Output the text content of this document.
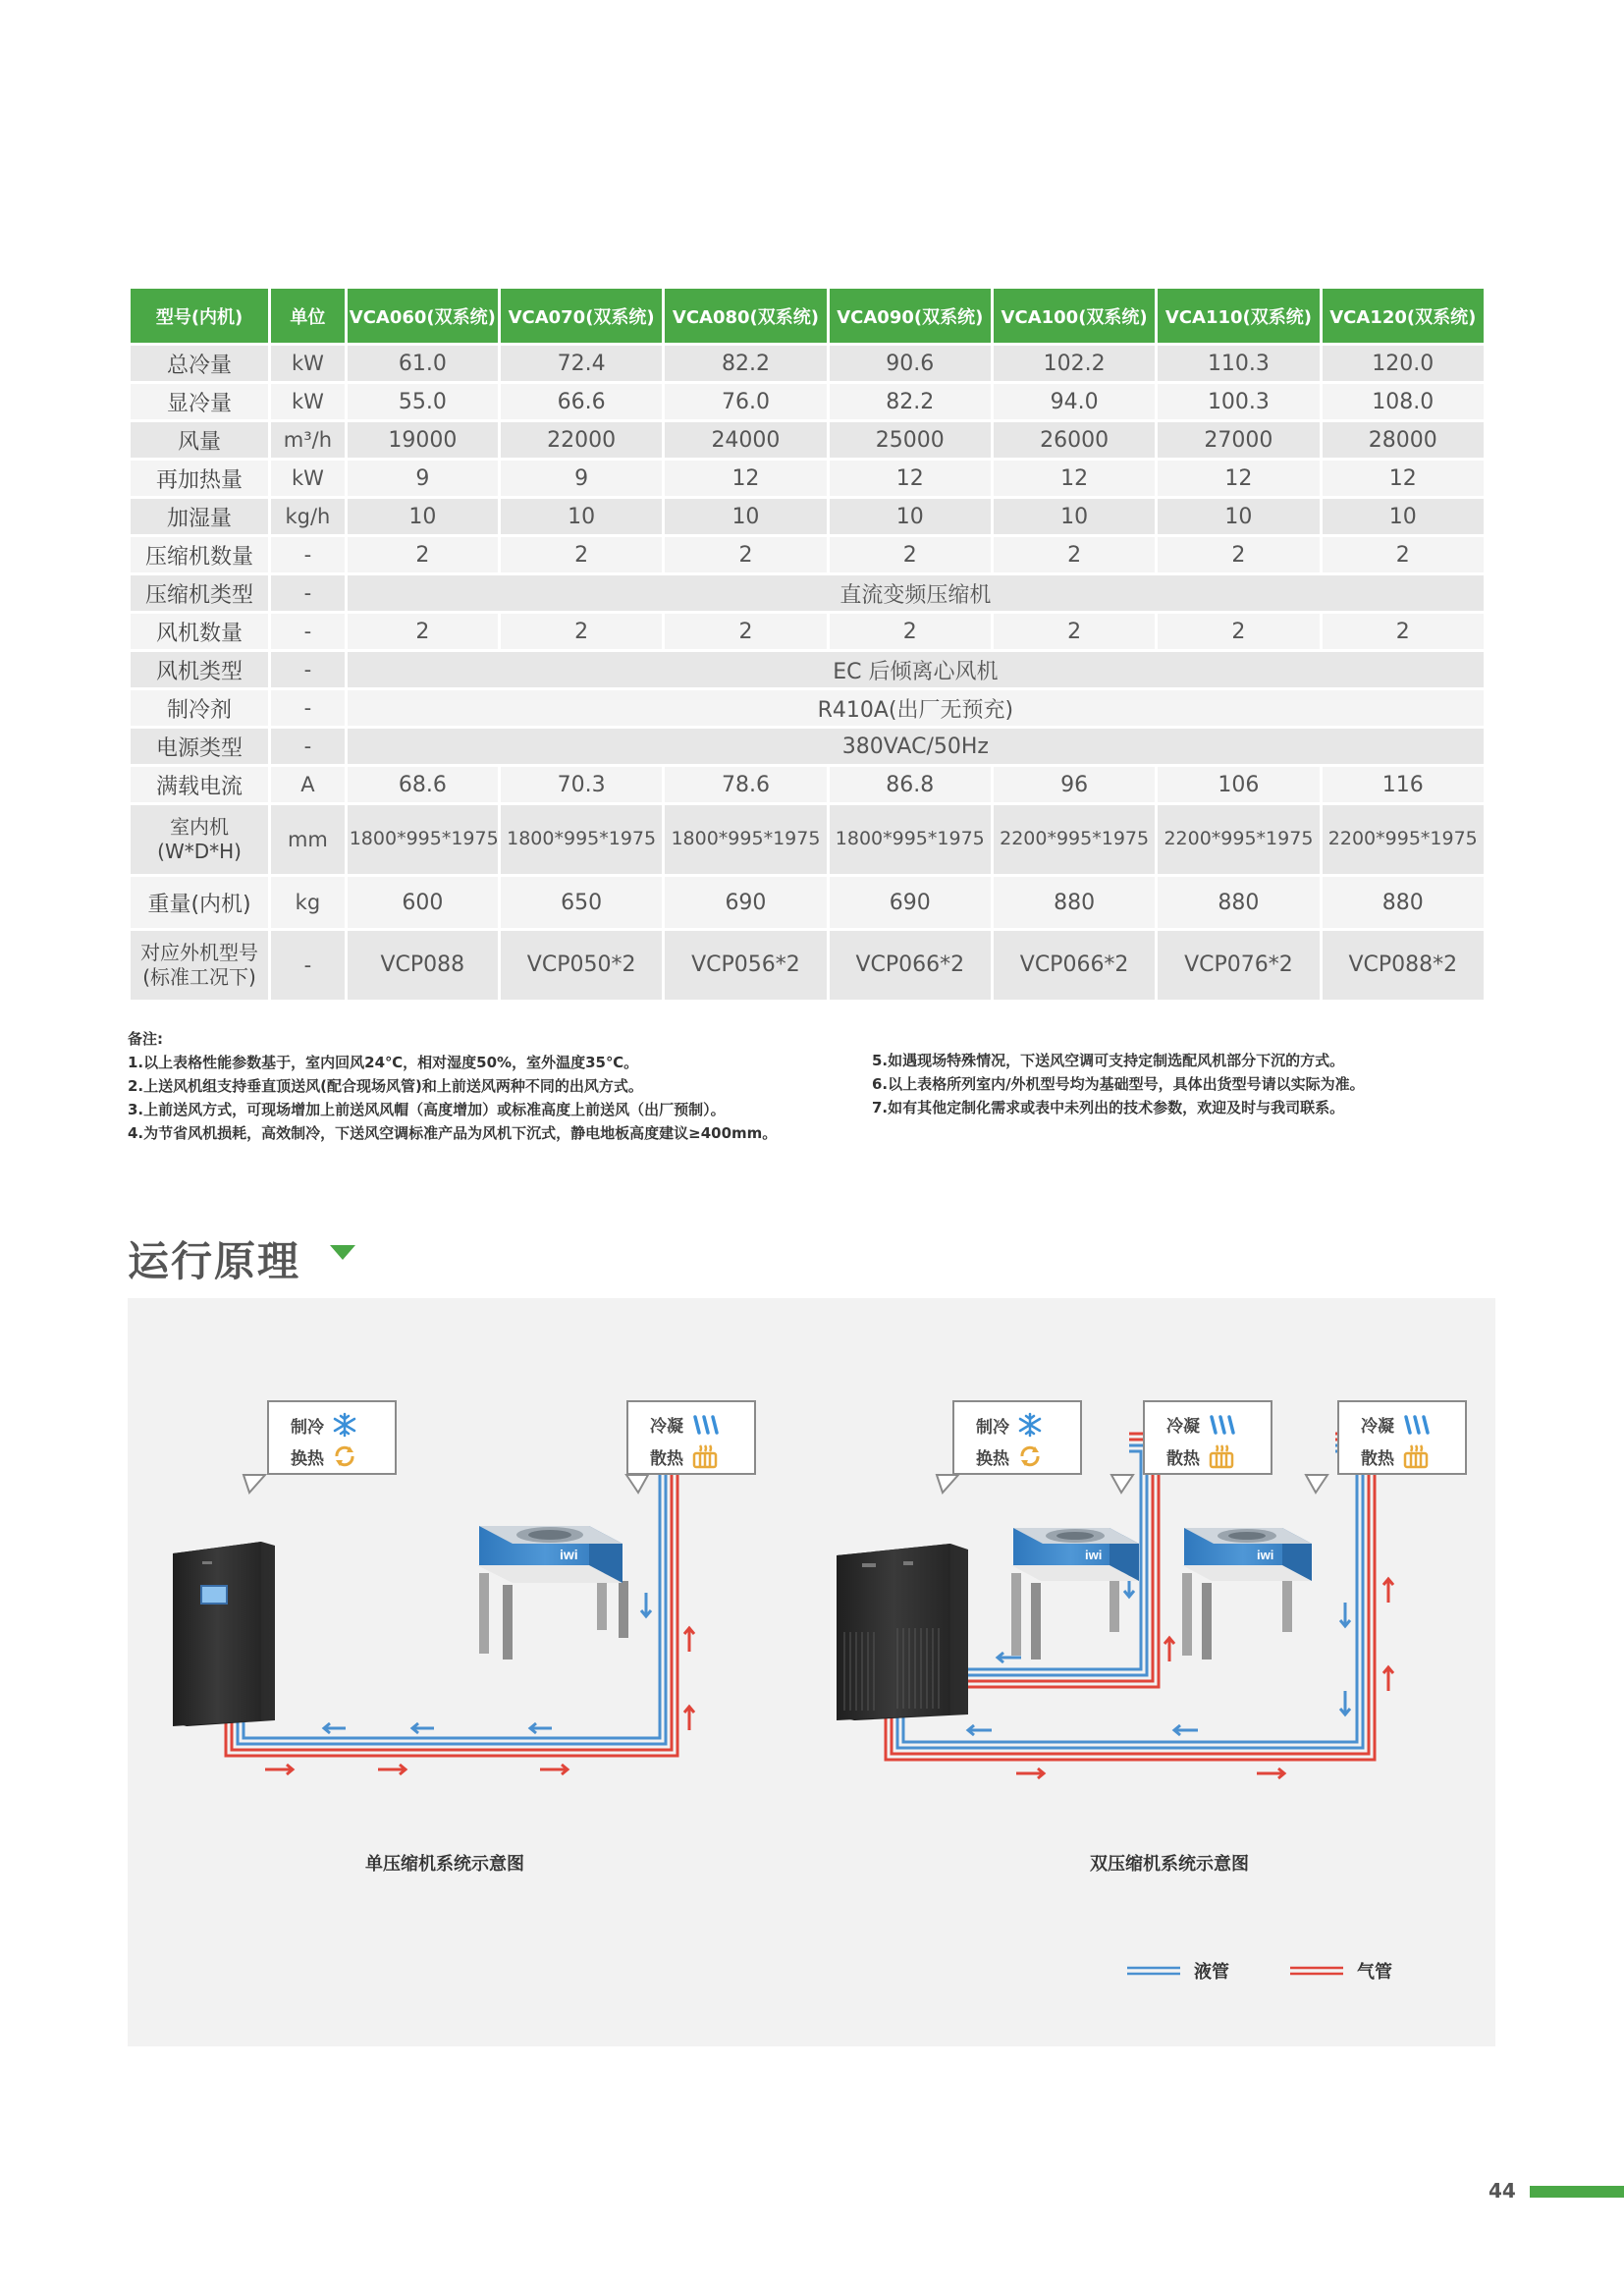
型号(内机)	单位	VCA060(双系统)	VCA070(双系统)	VCA080(双系统)	VCA090(双系统)	VCA100(双系统)	VCA110(双系统)	VCA120(双系统)
总冷量	kW	61.0	72.4	82.2	90.6	102.2	110.3	120.0
显冷量	kW	55.0	66.6	76.0	82.2	94.0	100.3	108.0
风量	m³/h	19000	22000	24000	25000	26000	27000	28000
再加热量	kW	9	9	12	12	12	12	12
加湿量	kg/h	10	10	10	10	10	10	10
压缩机数量	-	2	2	2	2	2	2	2
压缩机类型	-	直流变频压缩机						
风机数量	-	2	2	2	2	2	2	2
风机类型	-	EC 后倾离心风机						
制冷剂	-	R410A(出厂无预充)						
电源类型	-	380VAC/50Hz						
满载电流	A	68.6	70.3	78.6	86.8	96	106	116
室内机 (W*D*H)	mm	1800*995*1975	1800*995*1975	1800*995*1975	1800*995*1975	2200*995*1975	2200*995*1975	2200*995*1975
重量(内机)	kg	600	650	690	690	880	880	880
对应外机型号 (标准工况下)	-	VCP088	VCP050*2	VCP056*2	VCP066*2	VCP066*2	VCP076*2	VCP088*2
备注:
1.以上表格性能参数基于，室内回风24℃，相对湿度50%，室外温度35℃。
2.上送风机组支持垂直顶送风(配合现场风管)和上前送风两种不同的出风方式。
3.上前送风方式，可现场增加上前送风风帽（高度增加）或标准高度上前送风（出厂预制）。
4.为节省风机损耗，高效制冷，下送风空调标准产品为风机下沉式，静电地板高度建议≥400mm。
5.如遇现场特殊情况，下送风空调可支持定制选配风机部分下沉的方式。
6.以上表格所列室内/外机型号均为基础型号，具体出货型号请以实际为准。
7.如有其他定制化需求或表中未列出的技术参数，欢迎及时与我司联系。
运行原理
iwi	iwi	iwi
制冷
换热
冷凝
散热
制冷
换热
冷凝
散热
冷凝
散热
单压缩机系统示意图	双压缩机系统示意图
液管	气管
44
